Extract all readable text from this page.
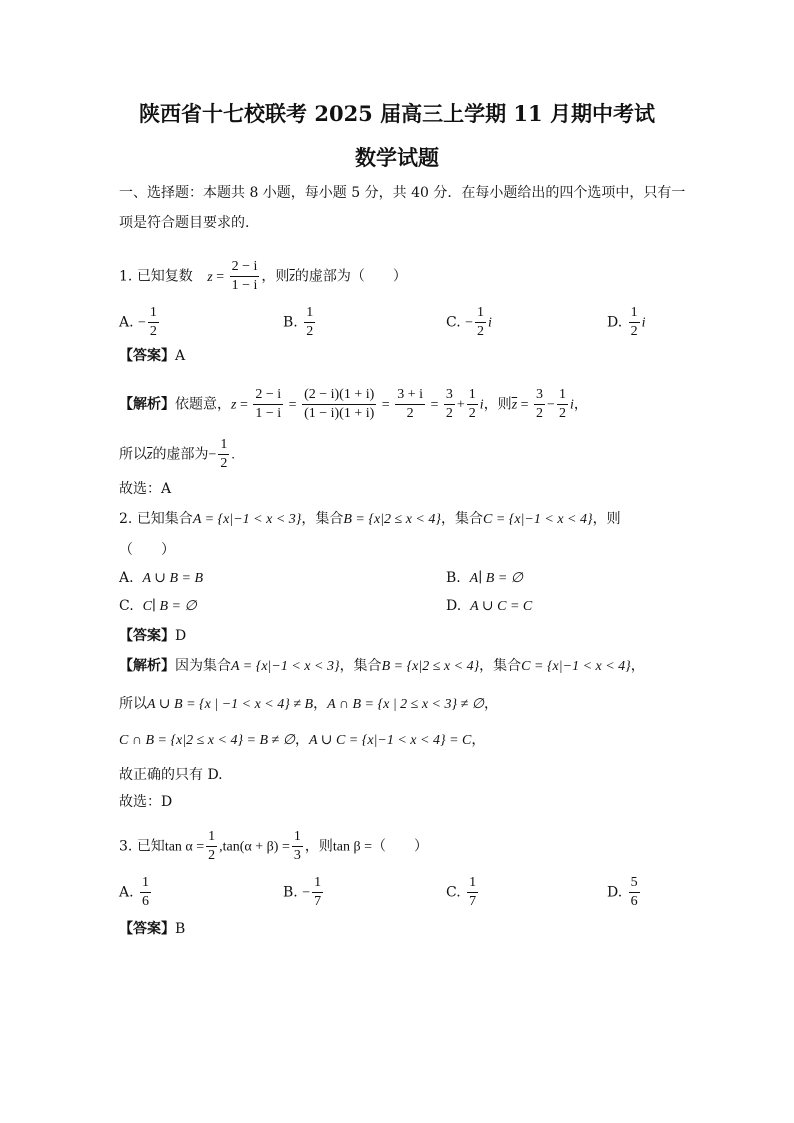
陕西省十七校联考 2025 届高三上学期 11 月期中考试
数学试题
一、选择题：本题共 8 小题，每小题 5 分，共 40 分．在每小题给出的四个选项中，只有一
项是符合题目要求的.
1. 已知复数 $z = \frac{2 - i}{1 - i}$ ，则$\overline{z}$的虚部为（　　）
A. − $\frac{1}{2}$	B. $\frac{1}{2}$	C. − $\frac{1}{2}$ i	D. $\frac{1}{2}$ i
【答案】A
【解析】依题意，$z = \frac{2 - i}{1 - i} = \frac{(2 - i)(1 + i)}{(1 - i)(1 + i)} = \frac{3 + i}{2} = \frac{3}{2} + \frac{1}{2}$ i，则$\overline{z} = \frac{3}{2} - \frac{1}{2}$ i，
所以$\overline{z}$的虚部为− $\frac{1}{2}$ .
故选：A
2. 已知集合A = {x|−1 < x < 3}，集合B = {x|2 ≤ x < 4}，集合C = {x|−1 < x < 4}，则
（　　）
A. A ∪ B = B	B. A∣ B = ∅
C. C∣ B = ∅	D. A ∪ C = C
【答案】D
【解析】因为集合A = {x|−1 < x < 3}，集合B = {x|2 ≤ x < 4}，集合C = {x|−1 < x < 4}，
所以A ∪ B = {x | −1 < x < 4} ≠ B，A ∩ B = {x | 2 ≤ x < 3} ≠ ∅，
C ∩ B = {x|2 ≤ x < 4} = B ≠ ∅，A ∪ C = {x|−1 < x < 4} = C，
故正确的只有 D.
故选：D
3. 已知$\tan \alpha = \frac{1}{2} ,\tan(\alpha + \beta) = \frac{1}{3}$ ，则tan β =（　　）
A. $\frac{1}{6}$	B. − $\frac{1}{7}$	C. $\frac{1}{7}$	D. $\frac{5}{6}$
【答案】B
